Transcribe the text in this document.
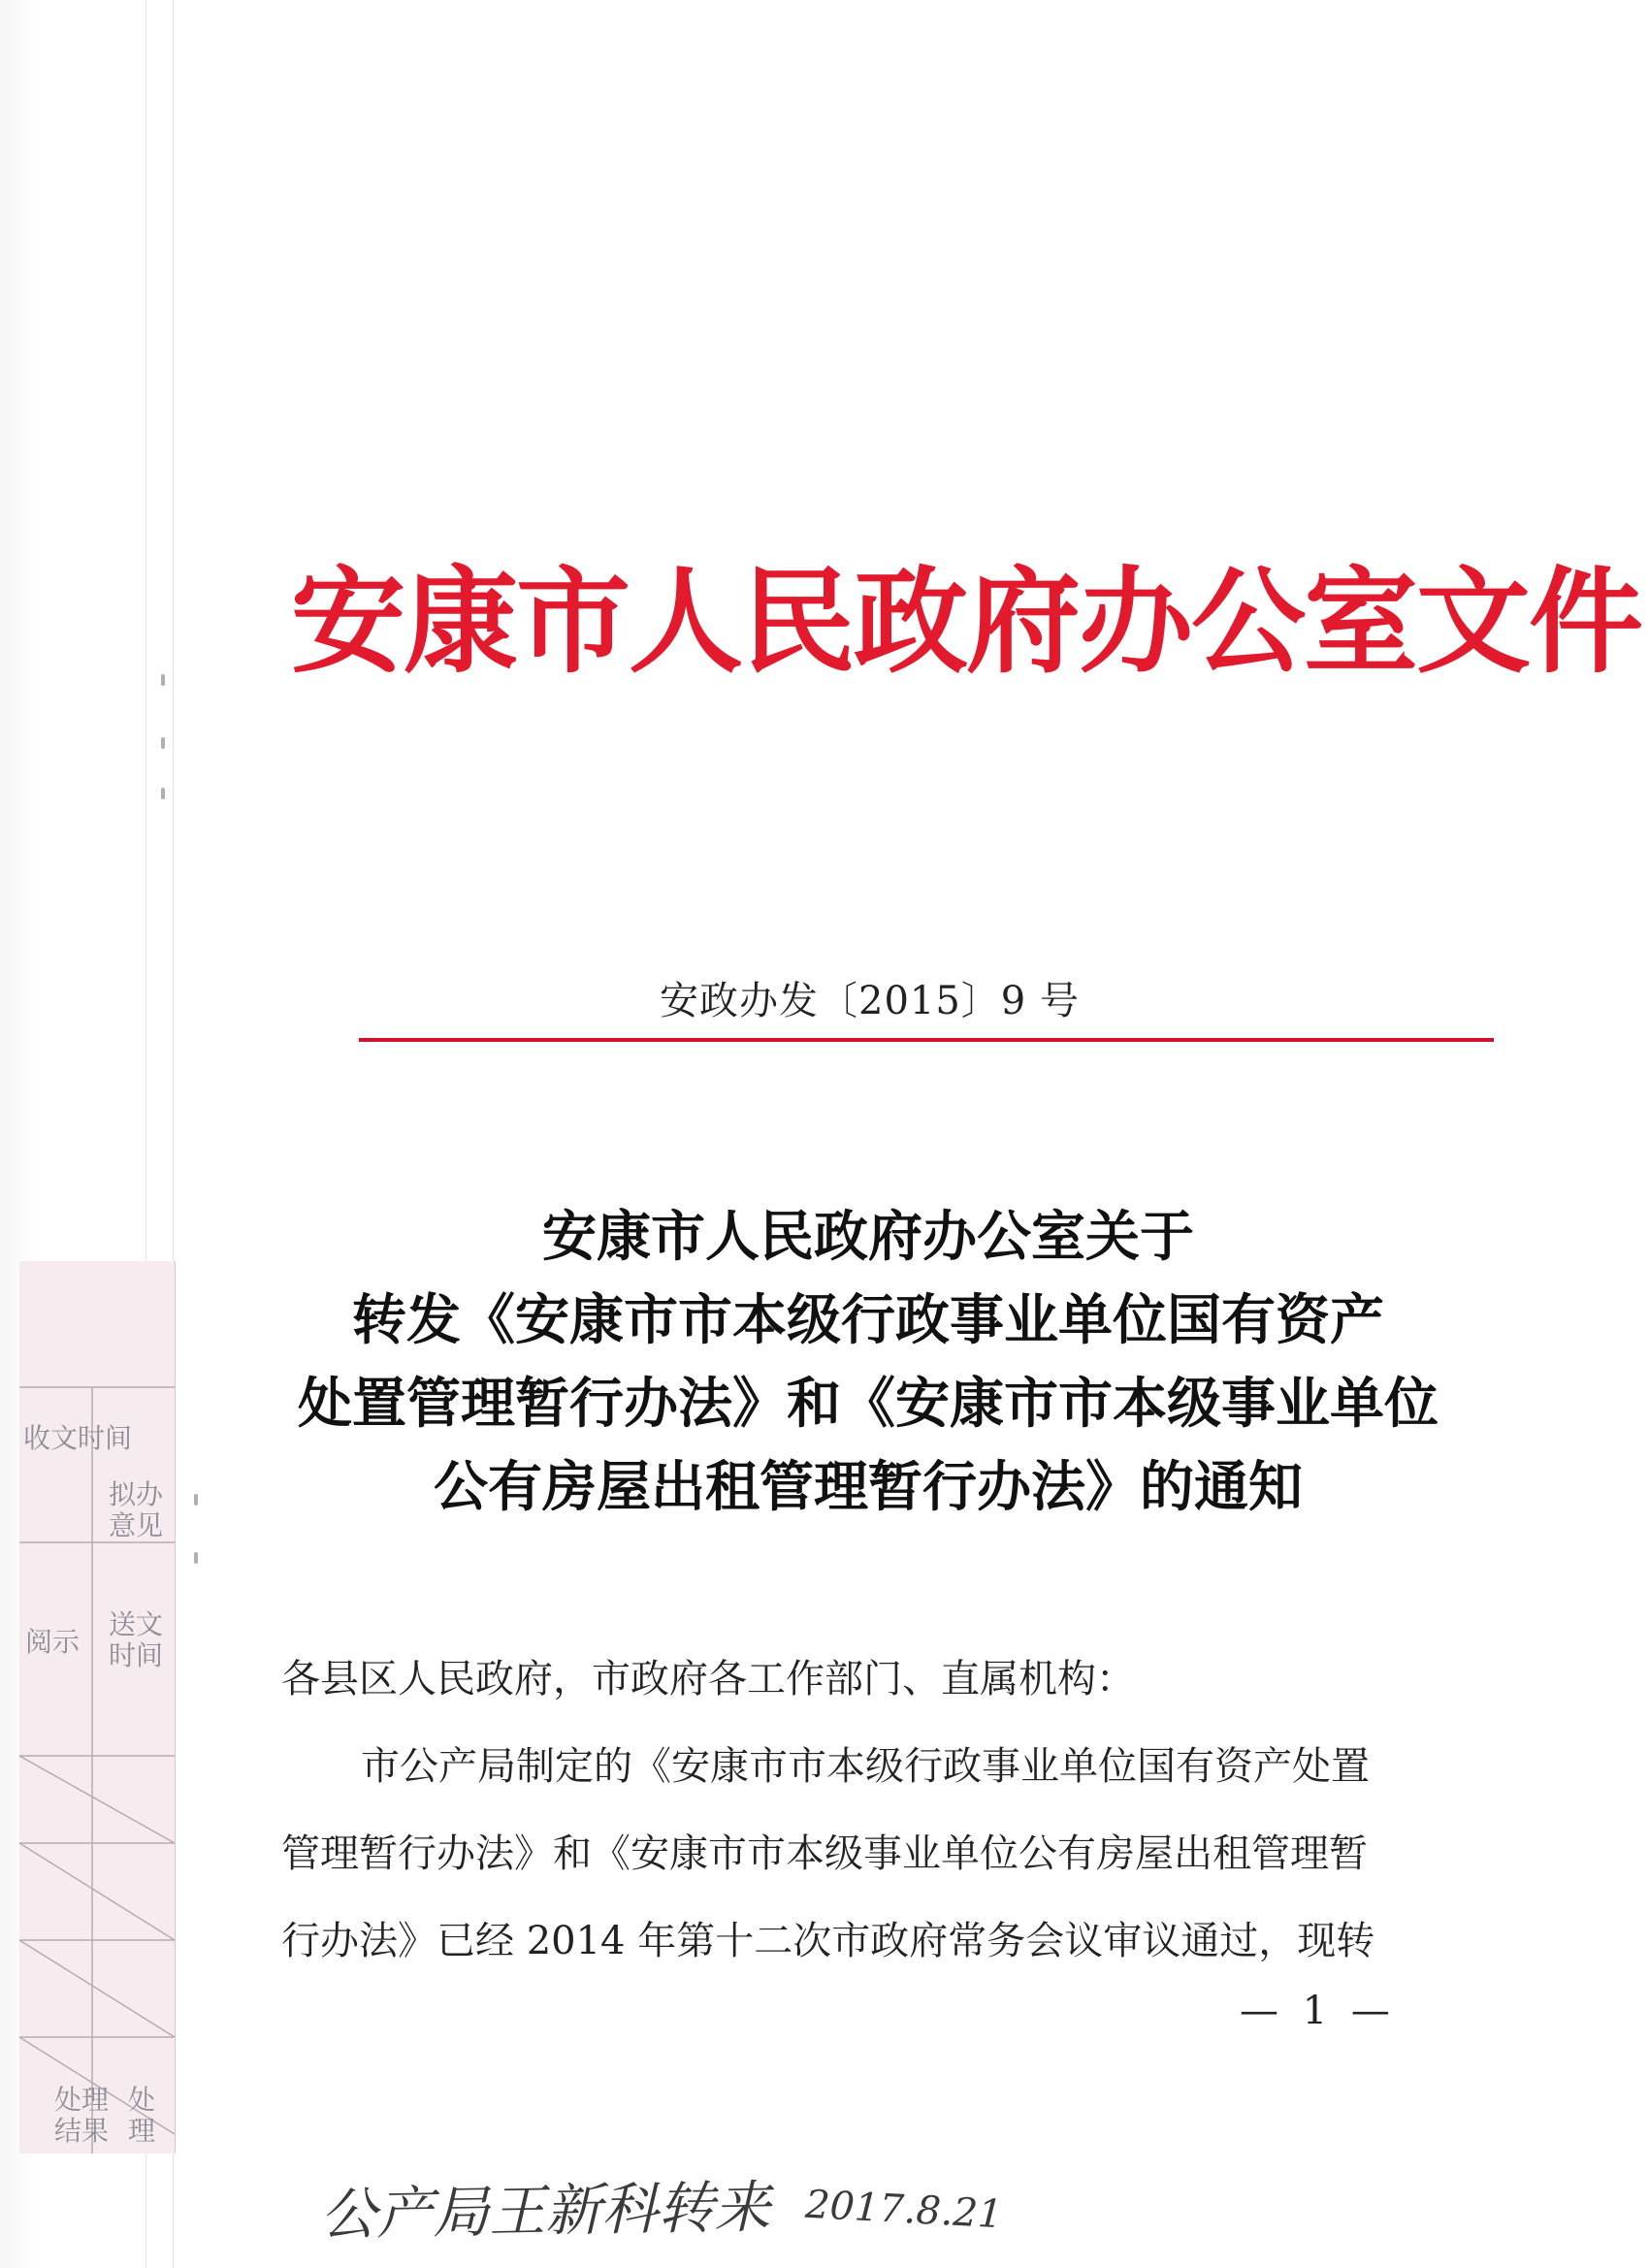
安康市人民政府办公室文件
安政办发〔2015〕9 号
安康市人民政府办公室关于
转发《安康市市本级行政事业单位国有资产
处置管理暂行办法》和《安康市市本级事业单位
公有房屋出租管理暂行办法》的通知

各县区人民政府，市政府各工作部门、直属机构：

市公产局制定的《安康市市本级行政事业单位国有资产处置

管理暂行办法》和《安康市市本级事业单位公有房屋出租管理暂

行办法》已经 2014 年第十二次市政府常务会议审议通过，现转

— 1 —
收文时间
拟办
意见
送文
时间
阅示
处理
结果
处
理
公产局王新科转来 2017.8.21
